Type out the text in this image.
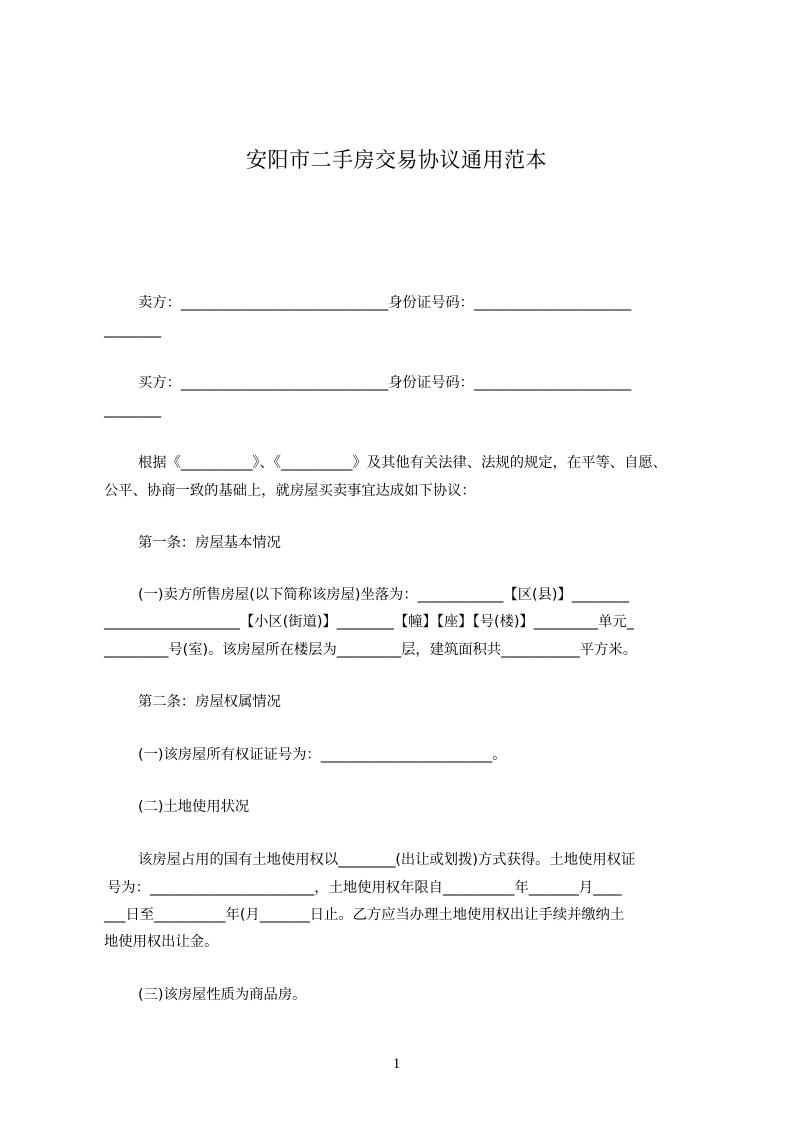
安阳市二手房交易协议通用范本
卖方：_____________________________身份证号码：______________________
________
买方：_____________________________身份证号码：______________________
________
根据《__________》、《__________》及其他有关法律、法规的规定，在平等、自愿、
公平、协商一致的基础上，就房屋买卖事宜达成如下协议：
第一条：房屋基本情况
(一)卖方所售房屋(以下简称该房屋)坐落为：____________【区(县)】________
___________________【小区(街道)】________【幢】【座】【号(楼)】_________单元_
_________号(室)。该房屋所在楼层为_________层，建筑面积共___________平方米。
第二条：房屋权属情况
(一)该房屋所有权证证号为：________________________。
(二)土地使用状况
该房屋占用的国有土地使用权以________(出让或划拨)方式获得。土地使用权证
号为：_______________________，土地使用权年限自__________年_______月____
___日至__________年(月_______日止。乙方应当办理土地使用权出让手续并缴纳土
地使用权出让金。
(三)该房屋性质为商品房。
1
